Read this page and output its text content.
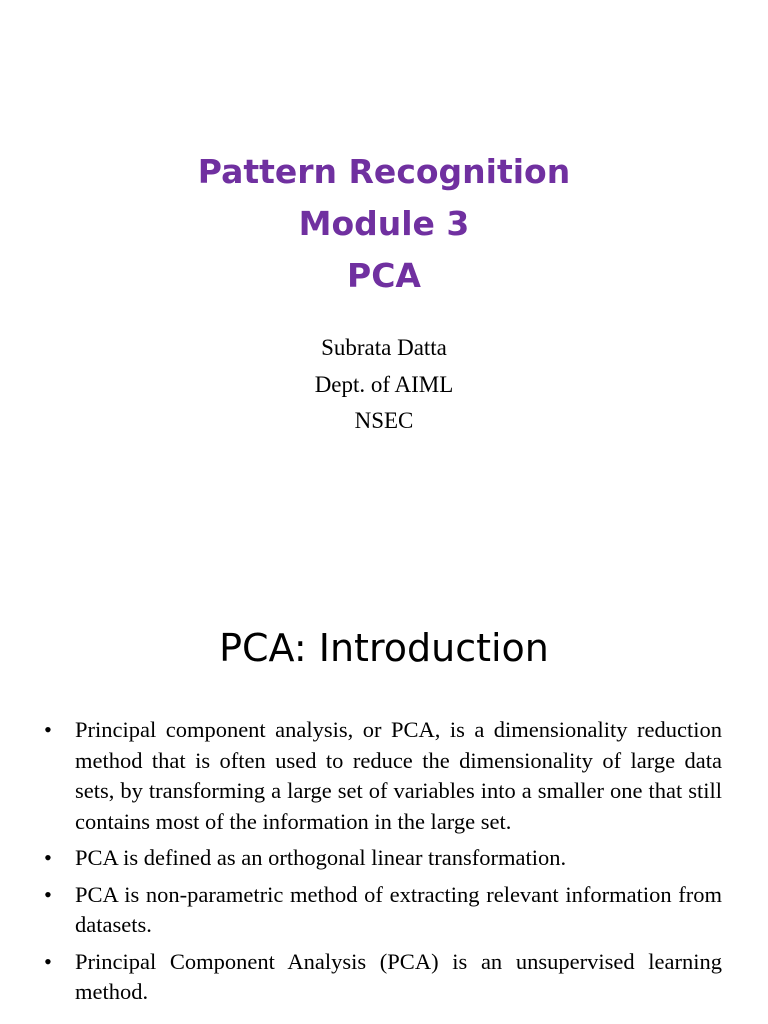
Pattern Recognition
Module 3
PCA
Subrata Datta
Dept. of AIML
NSEC
PCA: Introduction
• Principal component analysis, or PCA, is a dimensionality reduction method that is often used to reduce the dimensionality of large data sets, by transforming a large set of variables into a smaller one that still contains most of the information in the large set.
• PCA is defined as an orthogonal linear transformation.
• PCA is non-parametric method of extracting relevant information from datasets.
• Principal Component Analysis (PCA) is an unsupervised learning method.
